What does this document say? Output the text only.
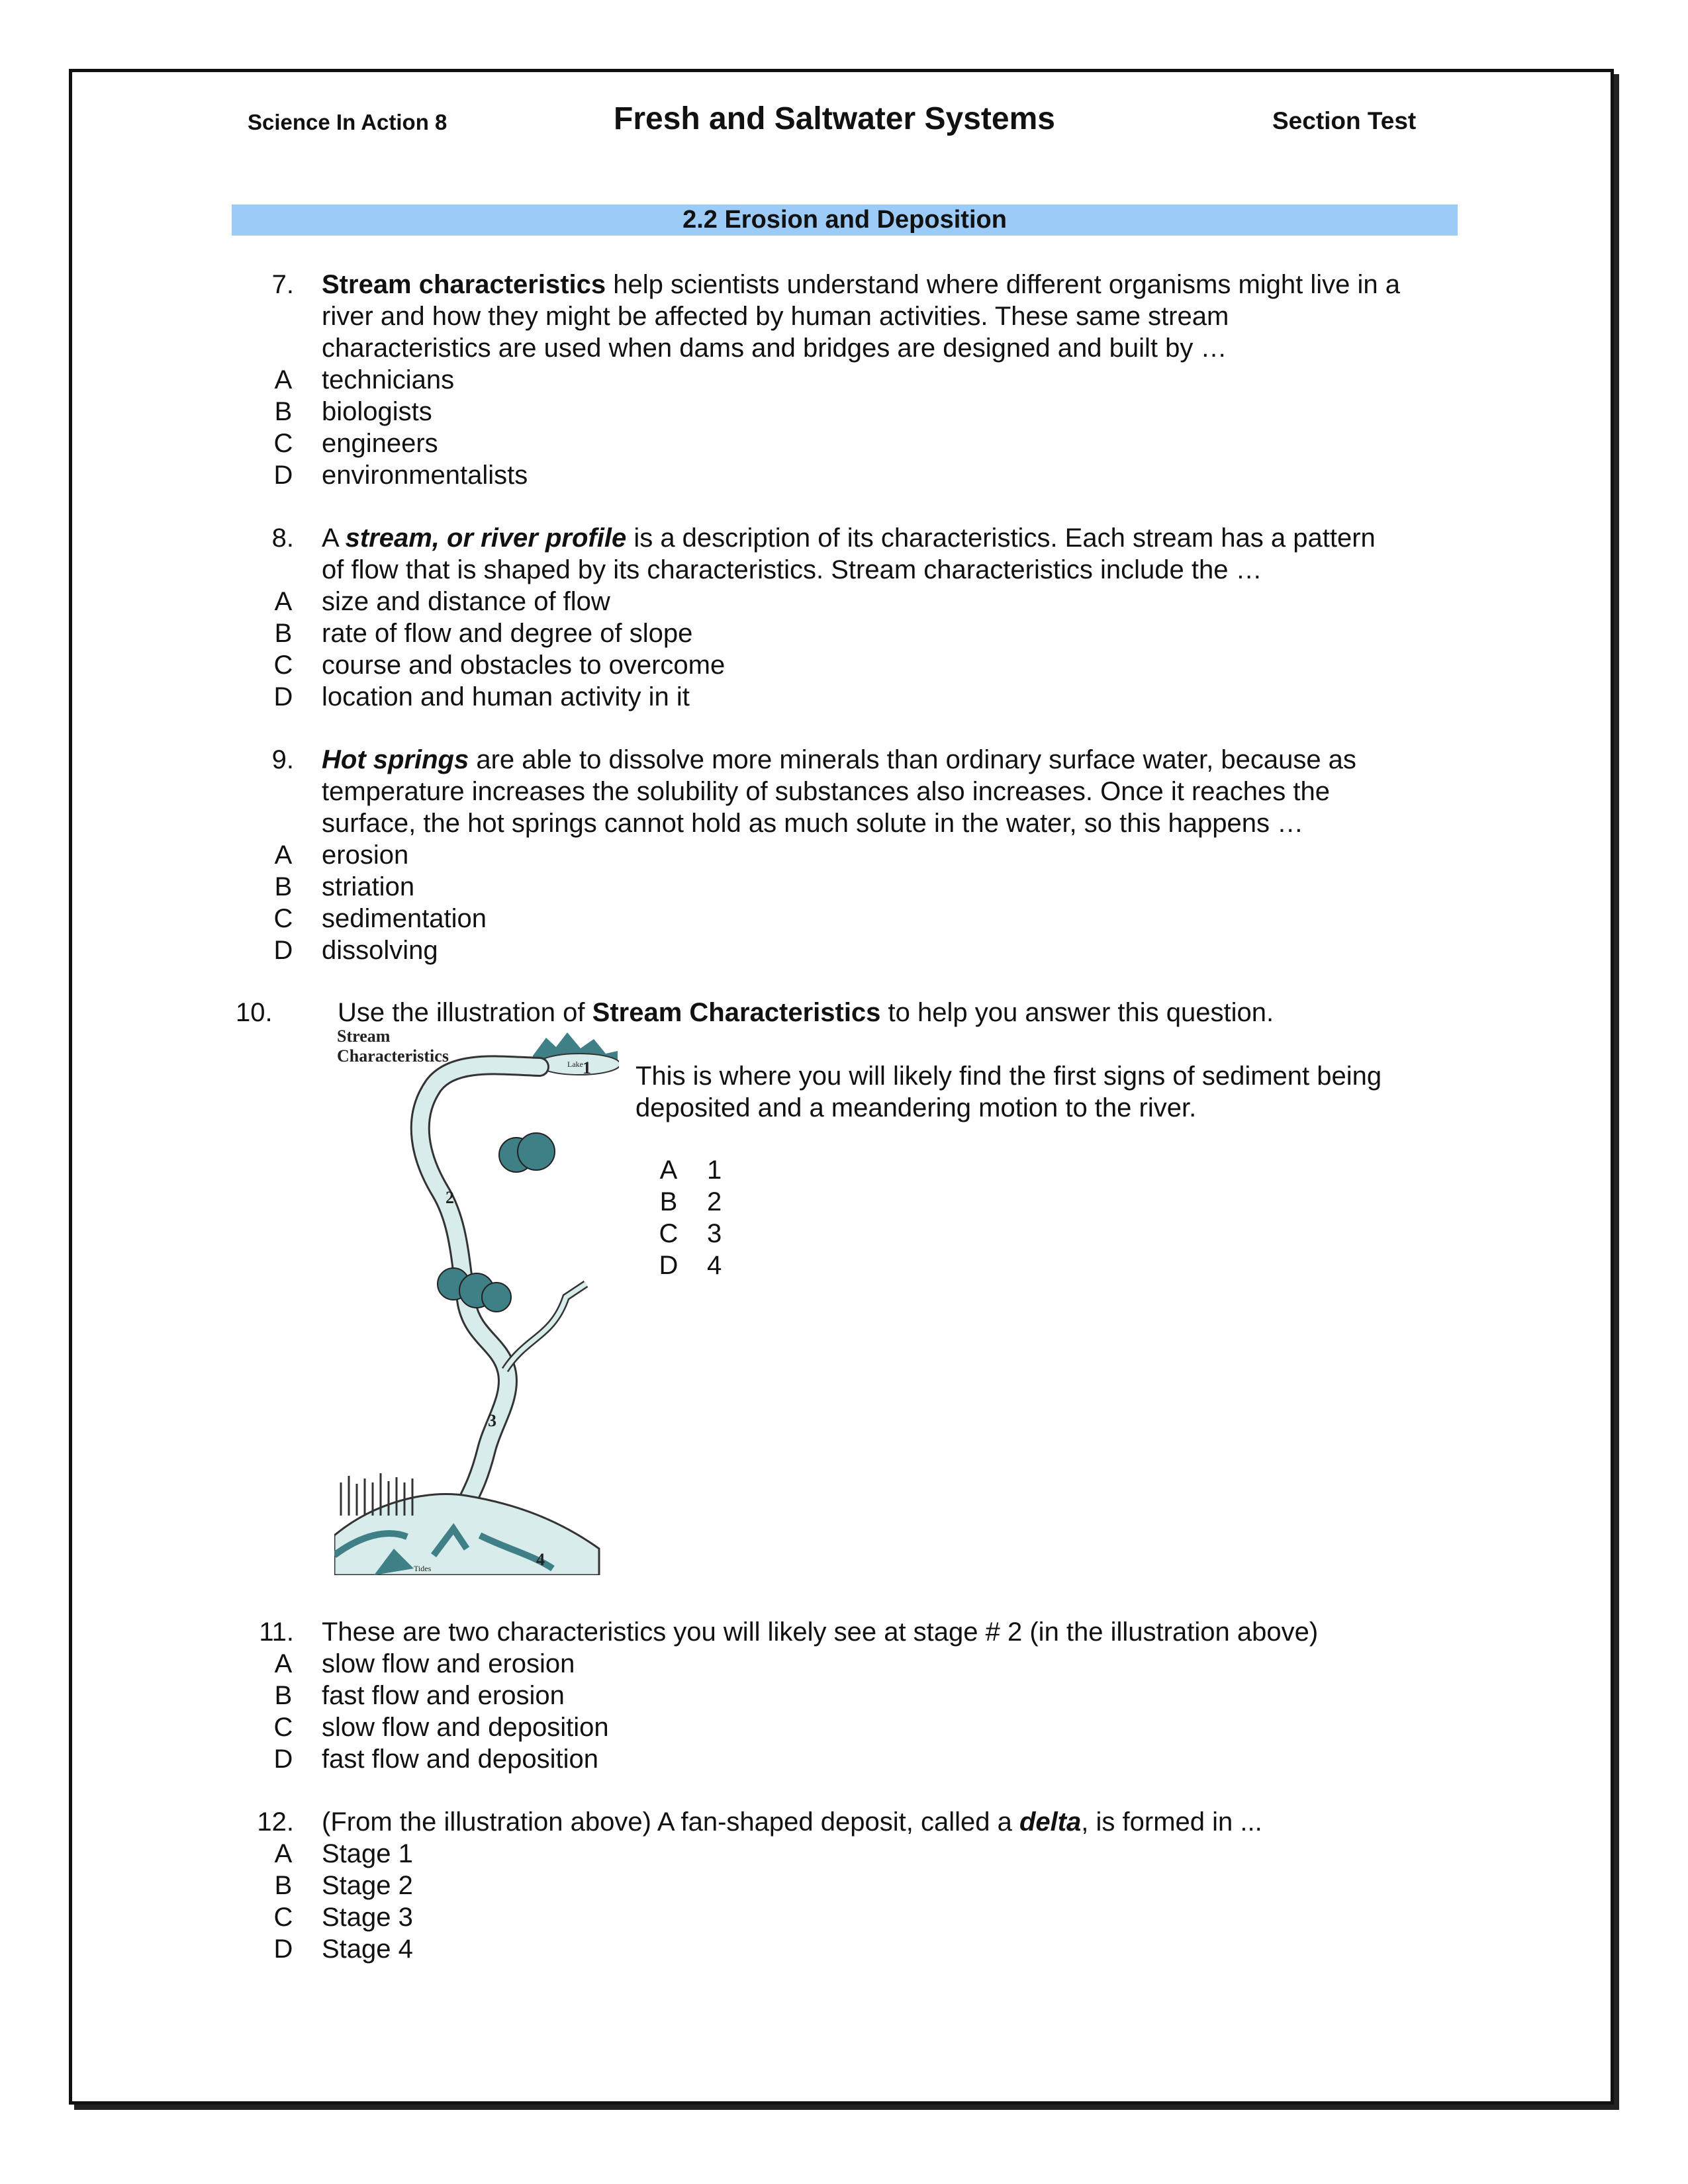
Science In Action 8	Fresh and Saltwater Systems	Section Test
2.2 Erosion and Deposition
7. Stream characteristics help scientists understand where different organisms might live in a
river and how they might be affected by human activities. These same stream
characteristics are used when dams and bridges are designed and built by …
A technicians
B biologists
C engineers
D environmentalists
8. A stream, or river profile is a description of its characteristics. Each stream has a pattern
of flow that is shaped by its characteristics. Stream characteristics include the …
A size and distance of flow
B rate of flow and degree of slope
C course and obstacles to overcome
D location and human activity in it
9. Hot springs are able to dissolve more minerals than ordinary surface water, because as
temperature increases the solubility of substances also increases. Once it reaches the
surface, the hot springs cannot hold as much solute in the water, so this happens …
A erosion
B striation
C sedimentation
D dissolving
10.	Use the illustration of Stream Characteristics to help you answer this question.
Stream
Characteristics	Lake
Tides
1
2
3
4
This is where you will likely find the first signs of sediment being
deposited and a meandering motion to the river.
A 1
B 2
C 3
D 4
11. These are two characteristics you will likely see at stage # 2 (in the illustration above)
A slow flow and erosion
B fast flow and erosion
C slow flow and deposition
D fast flow and deposition
12. (From the illustration above) A fan-shaped deposit, called a delta, is formed in ...
A Stage 1
B Stage 2
C Stage 3
D Stage 4
